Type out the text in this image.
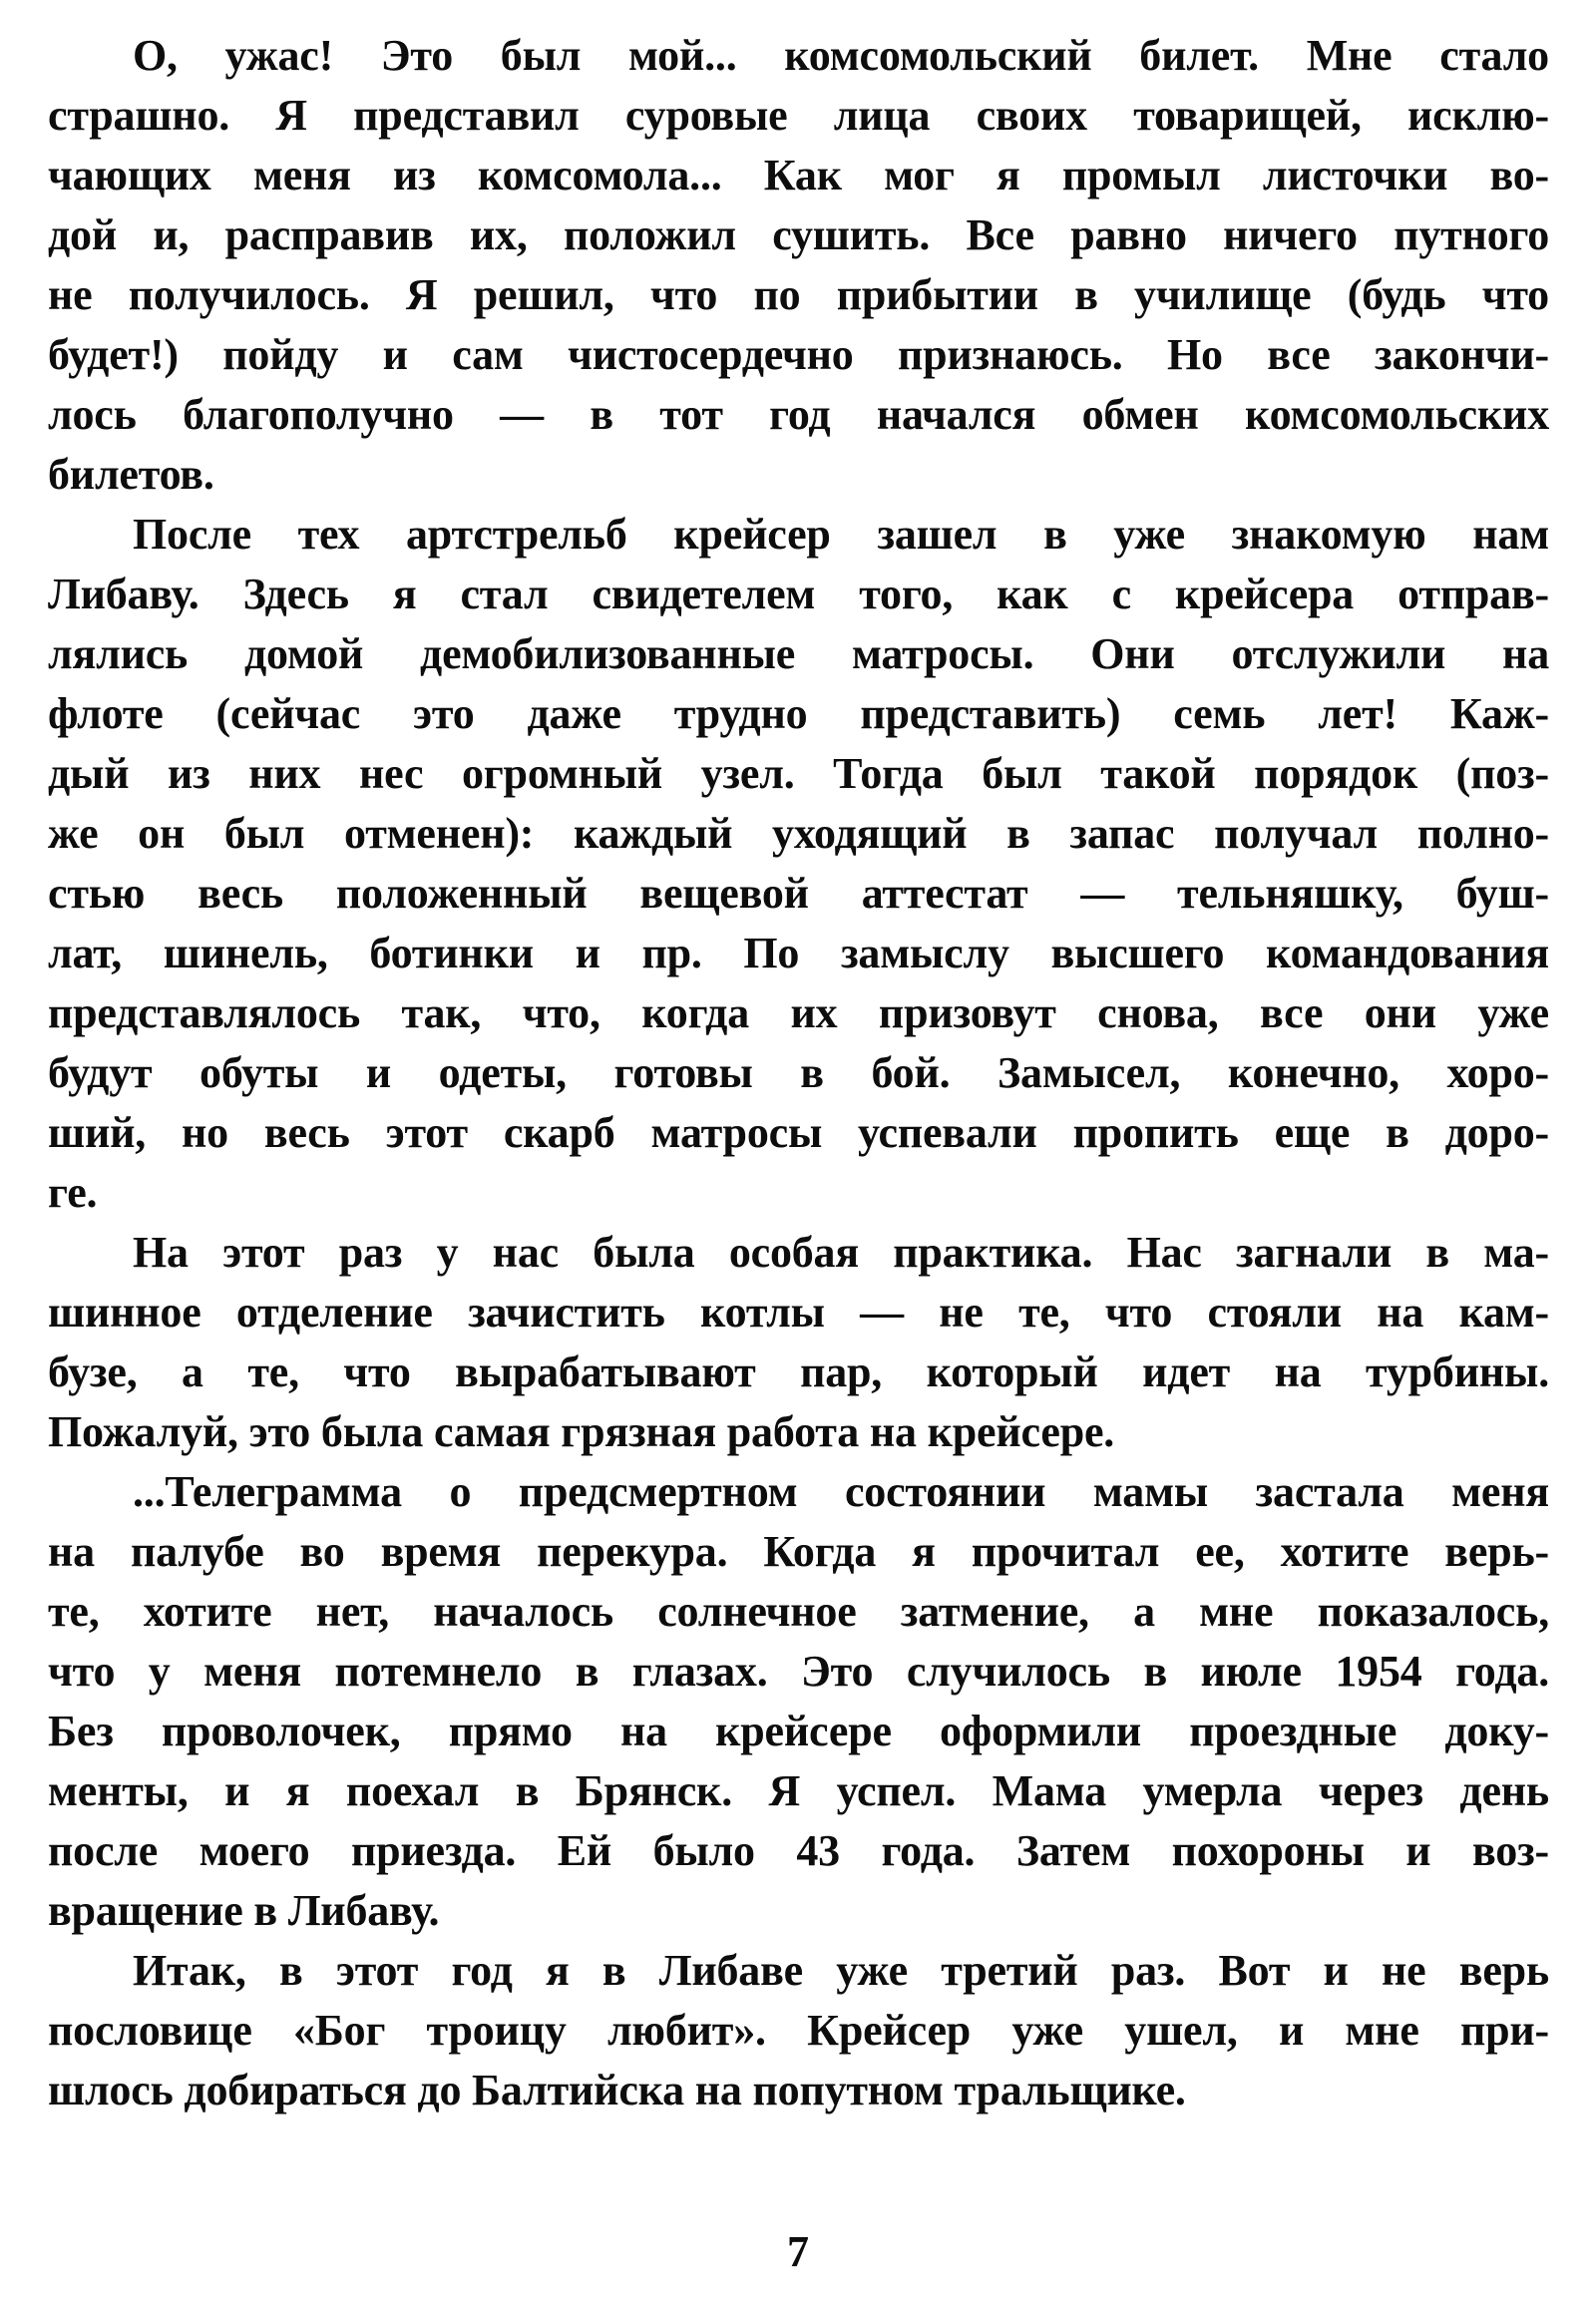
О, ужас! Это был мой... комсомольский билет. Мне стало
страшно. Я представил суровые лица своих товарищей, исклю-
чающих меня из комсомола... Как мог я промыл листочки во-
дой и, расправив их, положил сушить. Все равно ничего путного
не получилось. Я решил, что по прибытии в училище (будь что
будет!) пойду и сам чистосердечно признаюсь. Но все закончи-
лось благополучно — в тот год начался обмен комсомольских
билетов.
После тех артстрельб крейсер зашел в уже знакомую нам
Либаву. Здесь я стал свидетелем того, как с крейсера отправ-
лялись домой демобилизованные матросы. Они отслужили на
флоте (сейчас это даже трудно представить) семь лет! Каж-
дый из них нес огромный узел. Тогда был такой порядок (поз-
же он был отменен): каждый уходящий в запас получал полно-
стью весь положенный вещевой аттестат — тельняшку, буш-
лат, шинель, ботинки и пр. По замыслу высшего командования
представлялось так, что, когда их призовут снова, все они уже
будут обуты и одеты, готовы в бой. Замысел, конечно, хоро-
ший, но весь этот скарб матросы успевали пропить еще в доро-
ге.
На этот раз у нас была особая практика. Нас загнали в ма-
шинное отделение зачистить котлы — не те, что стояли на кам-
бузе, а те, что вырабатывают пар, который идет на турбины.
Пожалуй, это была самая грязная работа на крейсере.
...Телеграмма о предсмертном состоянии мамы застала меня
на палубе во время перекура. Когда я прочитал ее, хотите верь-
те, хотите нет, началось солнечное затмение, а мне показалось,
что у меня потемнело в глазах. Это случилось в июле 1954 года.
Без проволочек, прямо на крейсере оформили проездные доку-
менты, и я поехал в Брянск. Я успел. Мама умерла через день
после моего приезда. Ей было 43 года. Затем похороны и воз-
вращение в Либаву.
Итак, в этот год я в Либаве уже третий раз. Вот и не верь
пословице «Бог троицу любит». Крейсер уже ушел, и мне при-
шлось добираться до Балтийска на попутном тральщике.
7
